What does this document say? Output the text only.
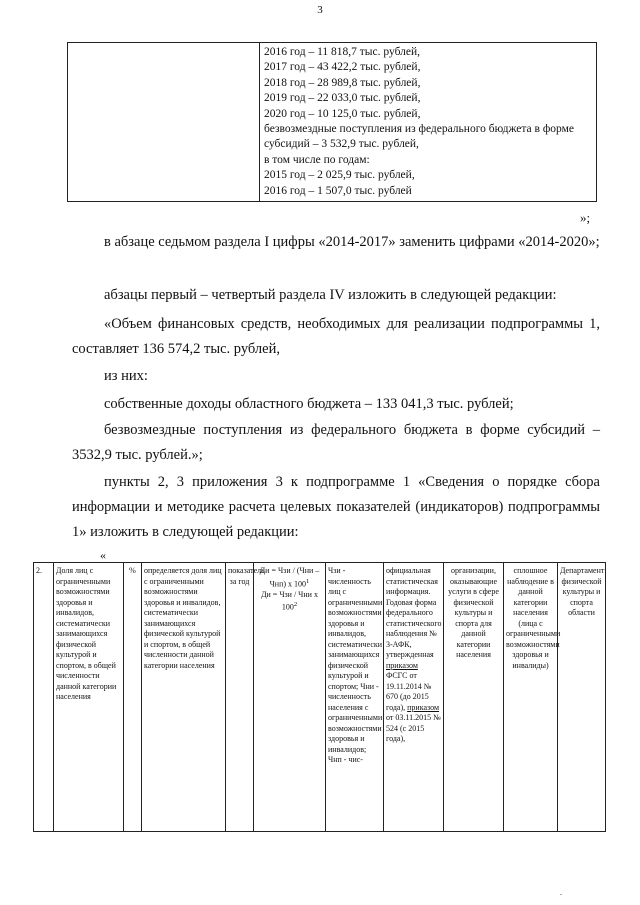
3

2016 год – 11 818,7 тыс. рублей,
2017 год – 43 422,2 тыс. рублей,
2018 год – 28 989,8 тыс. рублей,
2019 год – 22 033,0 тыс. рублей,
2020 год – 10 125,0 тыс. рублей,
безвозмездные поступления из федерального бюджета в форме
субсидий – 3 532,9 тыс. рублей,
в том числе по годам:
2015 год – 2 025,9 тыс. рублей,
2016 год – 1 507,0 тыс. рублей
»;
в абзаце седьмом раздела I цифры «2014-2017» заменить цифрами «2014-2020»;
абзацы первый – четвертый раздела IV изложить в следующей редакции:
«Объем финансовых средств, необходимых для реализации подпрограммы 1, составляет 136 574,2 тыс. рублей,
из них:
собственные доходы областного бюджета – 133 041,3 тыс. рублей;
безвозмездные поступления из федерального бюджета в форме субсидий – 3532,9 тыс. рублей.»;
пункты 2, 3 приложения 3 к подпрограмме 1 «Сведения о порядке сбора информации и методике расчета целевых показателей (индикаторов) подпрограммы 1» изложить в следующей редакции:
«
2.	Доля лиц с ограниченными возможностями здоровья и инвалидов, систематически занимающихся физической культурой и спортом, в общей численности данной категории населения	%	определяется доля лиц с ограниченными возможностями здоровья и инвалидов, систематически занимающихся физической культурой и спортом, в общей численности данной категории населения	показатель за год	Ди = Чзи / (Чни – Чнп) х $100^1$
Ди = Чзи / Чни х $100^2$	Чзи - численность лиц с ограниченными возможностями здоровья и инвалидов, систематически занимающихся физической культурой и спортом; Чни - численность населения с ограниченными возможностями здоровья и инвалидов; Чнп - чис-	официальная статистическая информация. Годовая форма федерального статистического наблюдения № 3-АФК, утвержденная приказом ФСГС от 19.11.2014 № 670 (до 2015 года), приказом от 03.11.2015 № 524 (с 2015 года),	организации, оказывающие услуги в сфере физической культуры и спорта для данной категории населения	сплошное наблюдение в данной категории населения (лица с ограниченными возможностями здоровья и инвалиды)	Департамент физической культуры и спорта области
.
